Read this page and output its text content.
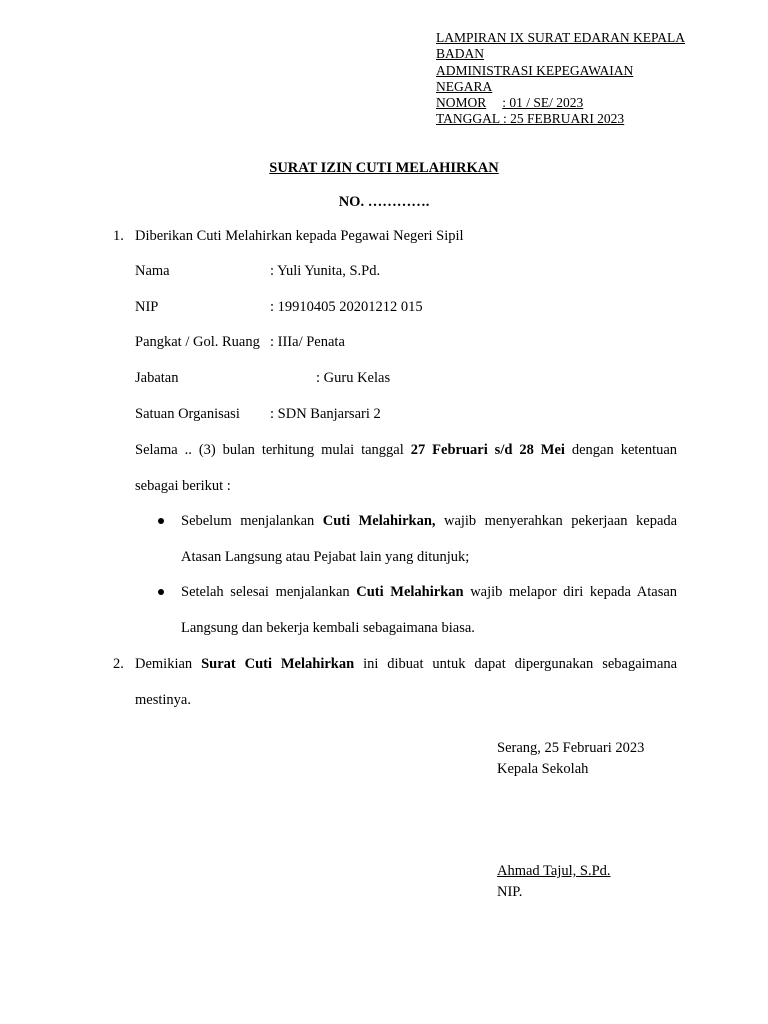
LAMPIRAN IX SURAT EDARAN KEPALA
BADAN
ADMINISTRASI KEPEGAWAIAN
NEGARA
NOMOR : 01 / SE/ 2023
TANGGAL : 25 FEBRUARI 2023
SURAT IZIN CUTI MELAHIRKAN
NO. ………….
1. Diberikan Cuti Melahirkan kepada Pegawai Negeri Sipil
Nama	: Yuli Yunita, S.Pd.
NIP	: 19910405 20201212 015
Pangkat / Gol. Ruang : IIIa/ Penata
Jabatan	: Guru Kelas
Satuan Organisasi : SDN Banjarsari 2
Selama .. (3) bulan terhitung mulai tanggal 27 Februari s/d 28 Mei dengan ketentuan
sebagai berikut :
Sebelum menjalankan Cuti Melahirkan, wajib menyerahkan pekerjaan kepada
Atasan Langsung atau Pejabat lain yang ditunjuk;
Setelah selesai menjalankan Cuti Melahirkan wajib melapor diri kepada Atasan
Langsung dan bekerja kembali sebagaimana biasa.
2. Demikian Surat Cuti Melahirkan ini dibuat untuk dapat dipergunakan sebagaimana
mestinya.
Serang, 25 Februari 2023
Kepala Sekolah
Ahmad Tajul, S.Pd.
NIP.
